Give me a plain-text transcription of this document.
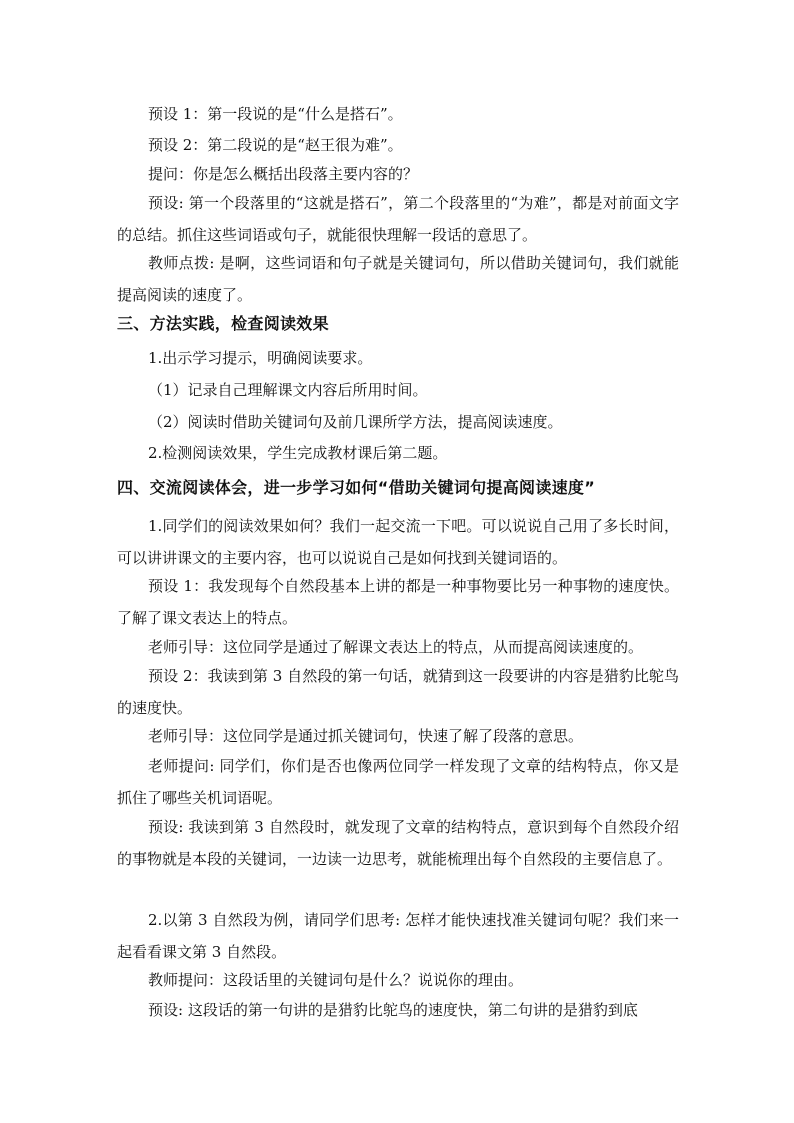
预设 1：第一段说的是“什么是搭石”。

预设 2：第二段说的是“赵王很为难”。

提问：你是怎么概括出段落主要内容的？

预设: 第一个段落里的“这就是搭石”，第二个段落里的“为难”，都是对前面文字的总结。抓住这些词语或句子，就能很快理解一段话的意思了。

教师点拨: 是啊，这些词语和句子就是关键词句，所以借助关键词句，我们就能提高阅读的速度了。

三、方法实践，检查阅读效果

1.出示学习提示，明确阅读要求。

（1）记录自己理解课文内容后所用时间。

（2）阅读时借助关键词句及前几课所学方法，提高阅读速度。

2.检测阅读效果，学生完成教材课后第二题。

四、交流阅读体会，进一步学习如何“借助关键词句提高阅读速度”

1.同学们的阅读效果如何？我们一起交流一下吧。可以说说自己用了多长时间，可以讲讲课文的主要内容，也可以说说自己是如何找到关键词语的。

预设 1：我发现每个自然段基本上讲的都是一种事物要比另一种事物的速度快。了解了课文表达上的特点。

老师引导：这位同学是通过了解课文表达上的特点，从而提高阅读速度的。

预设 2：我读到第 3 自然段的第一句话，就猜到这一段要讲的内容是猎豹比鸵鸟的速度快。

老师引导：这位同学是通过抓关键词句，快速了解了段落的意思。

老师提问: 同学们，你们是否也像两位同学一样发现了文章的结构特点，你又是抓住了哪些关机词语呢。

预设: 我读到第 3 自然段时，就发现了文章的结构特点，意识到每个自然段介绍的事物就是本段的关键词，一边读一边思考，就能梳理出每个自然段的主要信息了。

2.以第 3 自然段为例，请同学们思考: 怎样才能快速找准关键词句呢？我们来一起看看课文第 3 自然段。

教师提问：这段话里的关键词句是什么？说说你的理由。

预设: 这段话的第一句讲的是猎豹比鸵鸟的速度快，第二句讲的是猎豹到底
